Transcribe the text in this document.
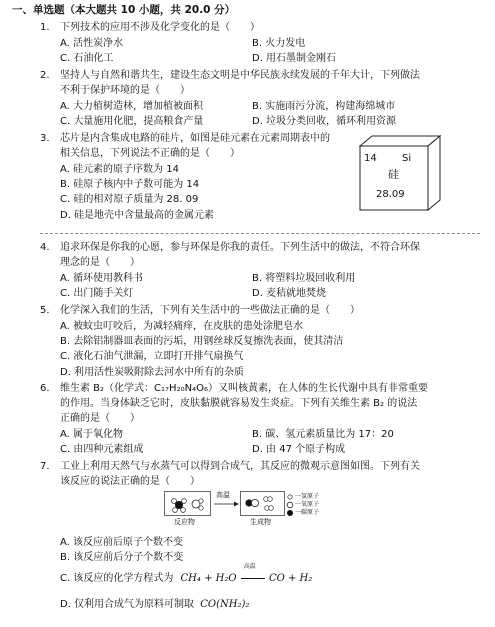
一、单选题（本大题共 10 小题，共 20.0 分）
1. 下列技术的应用不涉及化学变化的是（　　）
A. 活性炭净水	B. 火力发电
C. 石油化工	D. 用石墨制金刚石
2. 坚持人与自然和谐共生，建设生态文明是中华民族永续发展的千年大计，下列做法
不利于保护环境的是（　　）
A. 大力植树造林，增加植被面积	B. 实施雨污分流，构建海绵城市
C. 大量施用化肥，提高粮食产量	D. 垃圾分类回收，循环利用资源
3. 芯片是内含集成电路的硅片，如图是硅元素在元素周期表中的
相关信息，下列说法不正确的是（　　）
A. 硅元素的原子序数为 14
B. 硅原子核内中子数可能为 14
C. 硅的相对原子质量为 28. 09
D. 硅是地壳中含量最高的金属元素
14	Si
硅
28.09
4. 追求环保是你我的心愿，参与环保是你我的责任。下列生活中的做法，不符合环保
理念的是（　　）
A. 循环使用教科书	B. 将塑料垃圾回收利用
C. 出门随手关灯	D. 麦秸就地焚烧
5. 化学深入我们的生活，下列有关生活中的一些做法正确的是（　　）
A. 被蚊虫叮咬后，为减轻痛痒，在皮肤的患处涂肥皂水
B. 去除铝制器皿表面的污垢，用钢丝球反复擦洗表面，使其清洁
C. 液化石油气泄漏，立即打开排气扇换气
D. 利用活性炭吸附除去河水中所有的杂质
6. 维生素 B₂（化学式：C₁₇H₂₀N₄O₆）又叫核黄素，在人体的生长代谢中具有非常重要
的作用。当身体缺乏它时，皮肤黏膜就容易发生炎症。下列有关维生素 B₂ 的说法
正确的是（　　）
A. 属于氧化物	B. 碳、氢元素质量比为 17：20
C. 由四种元素组成	D. 由 47 个原子构成
7. 工业上利用天然气与水蒸气可以得到合成气，其反应的微观示意图如图。下列有关
该反应的说法正确的是（　　）
高温
反应物	生成物
一氢原子
一氧原子
一碳原子
A. 该反应前后原子个数不变
B. 该反应前后分子个数不变
C. 该反应的化学方程式为 CH₄ + H₂O
高温
CO + H₂
D. 仅利用合成气为原料可制取 CO(NH₂)₂
